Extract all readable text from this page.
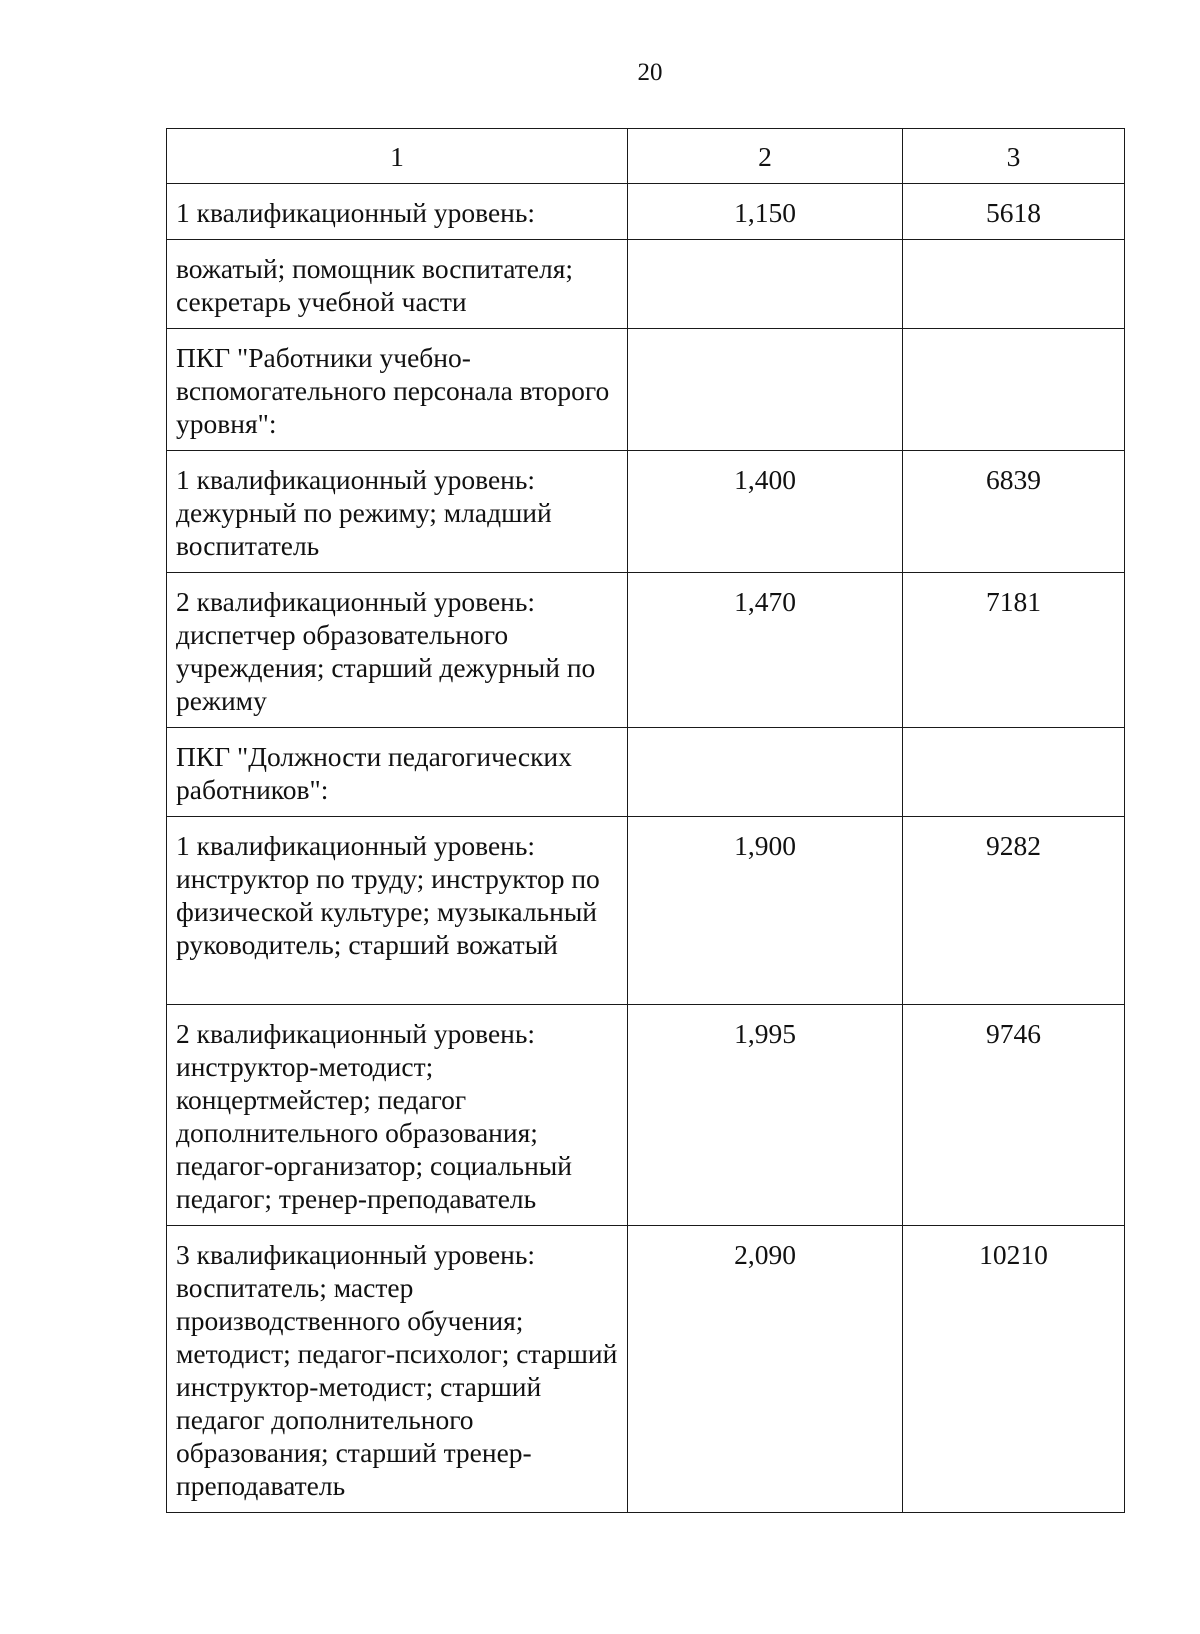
20
1	2	3
1 квалификационный уровень:	1,150	5618
вожатый; помощник воспитателя; секретарь учебной части		
ПКГ "Работники учебно-вспомогательного персонала второго уровня":		
1 квалификационный уровень: дежурный по режиму; младший воспитатель	1,400	6839
2 квалификационный уровень: диспетчер образовательного учреждения; старший дежурный по режиму	1,470	7181
ПКГ "Должности педагогических работников":		
1 квалификационный уровень: инструктор по труду; инструктор по физической культуре; музыкальный руководитель; старший вожатый	1,900	9282
2 квалификационный уровень: инструктор-методист; концертмейстер; педагог дополнительного образования; педагог-организатор; социальный педагог; тренер-преподаватель	1,995	9746
3 квалификационный уровень: воспитатель; мастер производственного обучения; методист; педагог-психолог; старший инструктор-методист; старший педагог дополнительного образования; старший тренер-преподаватель	2,090	10210
